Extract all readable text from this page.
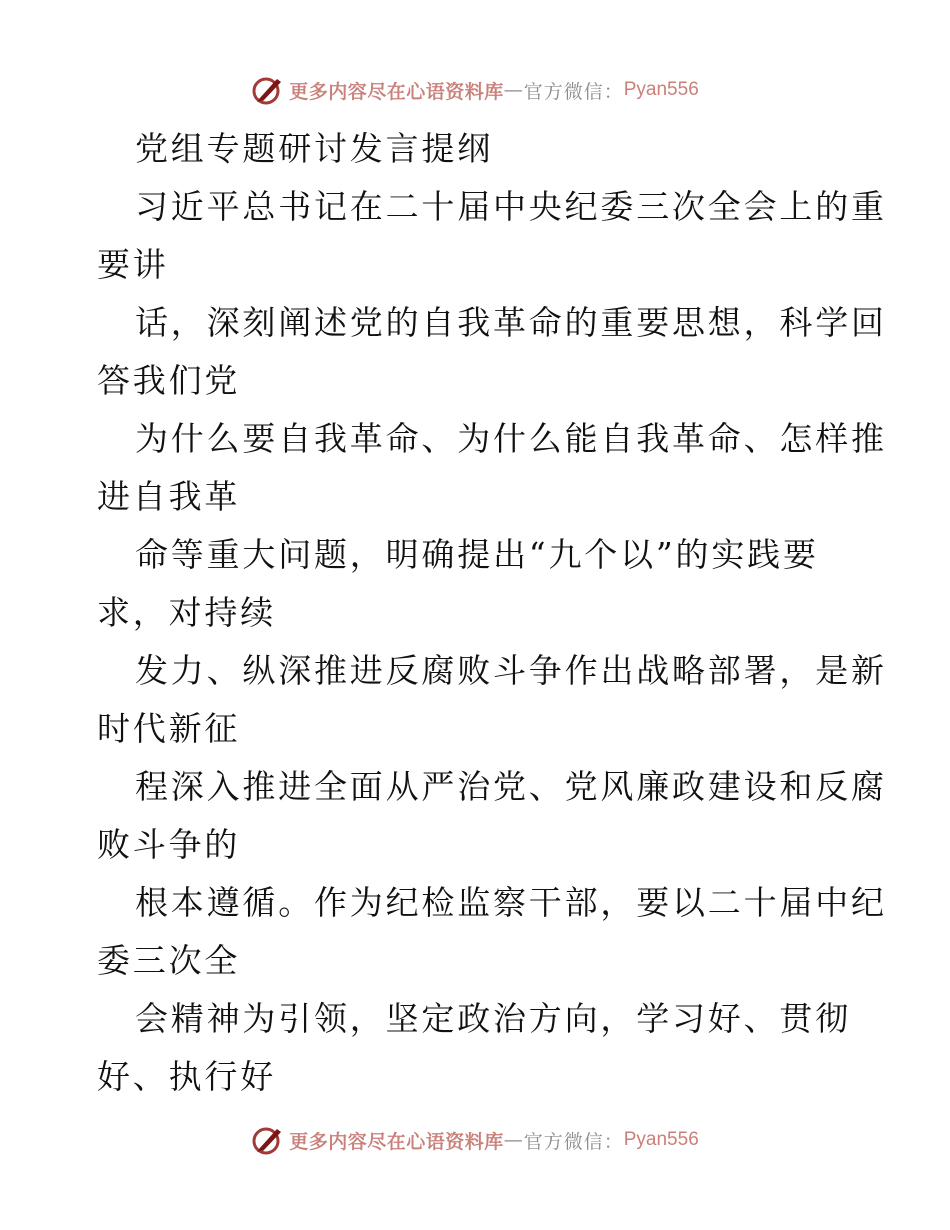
更多内容尽在心语资料库 — 官方微信： Pyan556
党组专题研讨发言提纲
习近平总书记在二十届中央纪委三次全会上的重
要讲
话，深刻阐述党的自我革命的重要思想，科学回
答我们党
为什么要自我革命、为什么能自我革命、怎样推
进自我革
命等重大问题，明确提出“九个以”的实践要
求，对持续
发力、纵深推进反腐败斗争作出战略部署，是新
时代新征
程深入推进全面从严治党、党风廉政建设和反腐
败斗争的
根本遵循。作为纪检监察干部，要以二十届中纪
委三次全
会精神为引领，坚定政治方向，学习好、贯彻
好、执行好
更多内容尽在心语资料库 — 官方微信： Pyan556
